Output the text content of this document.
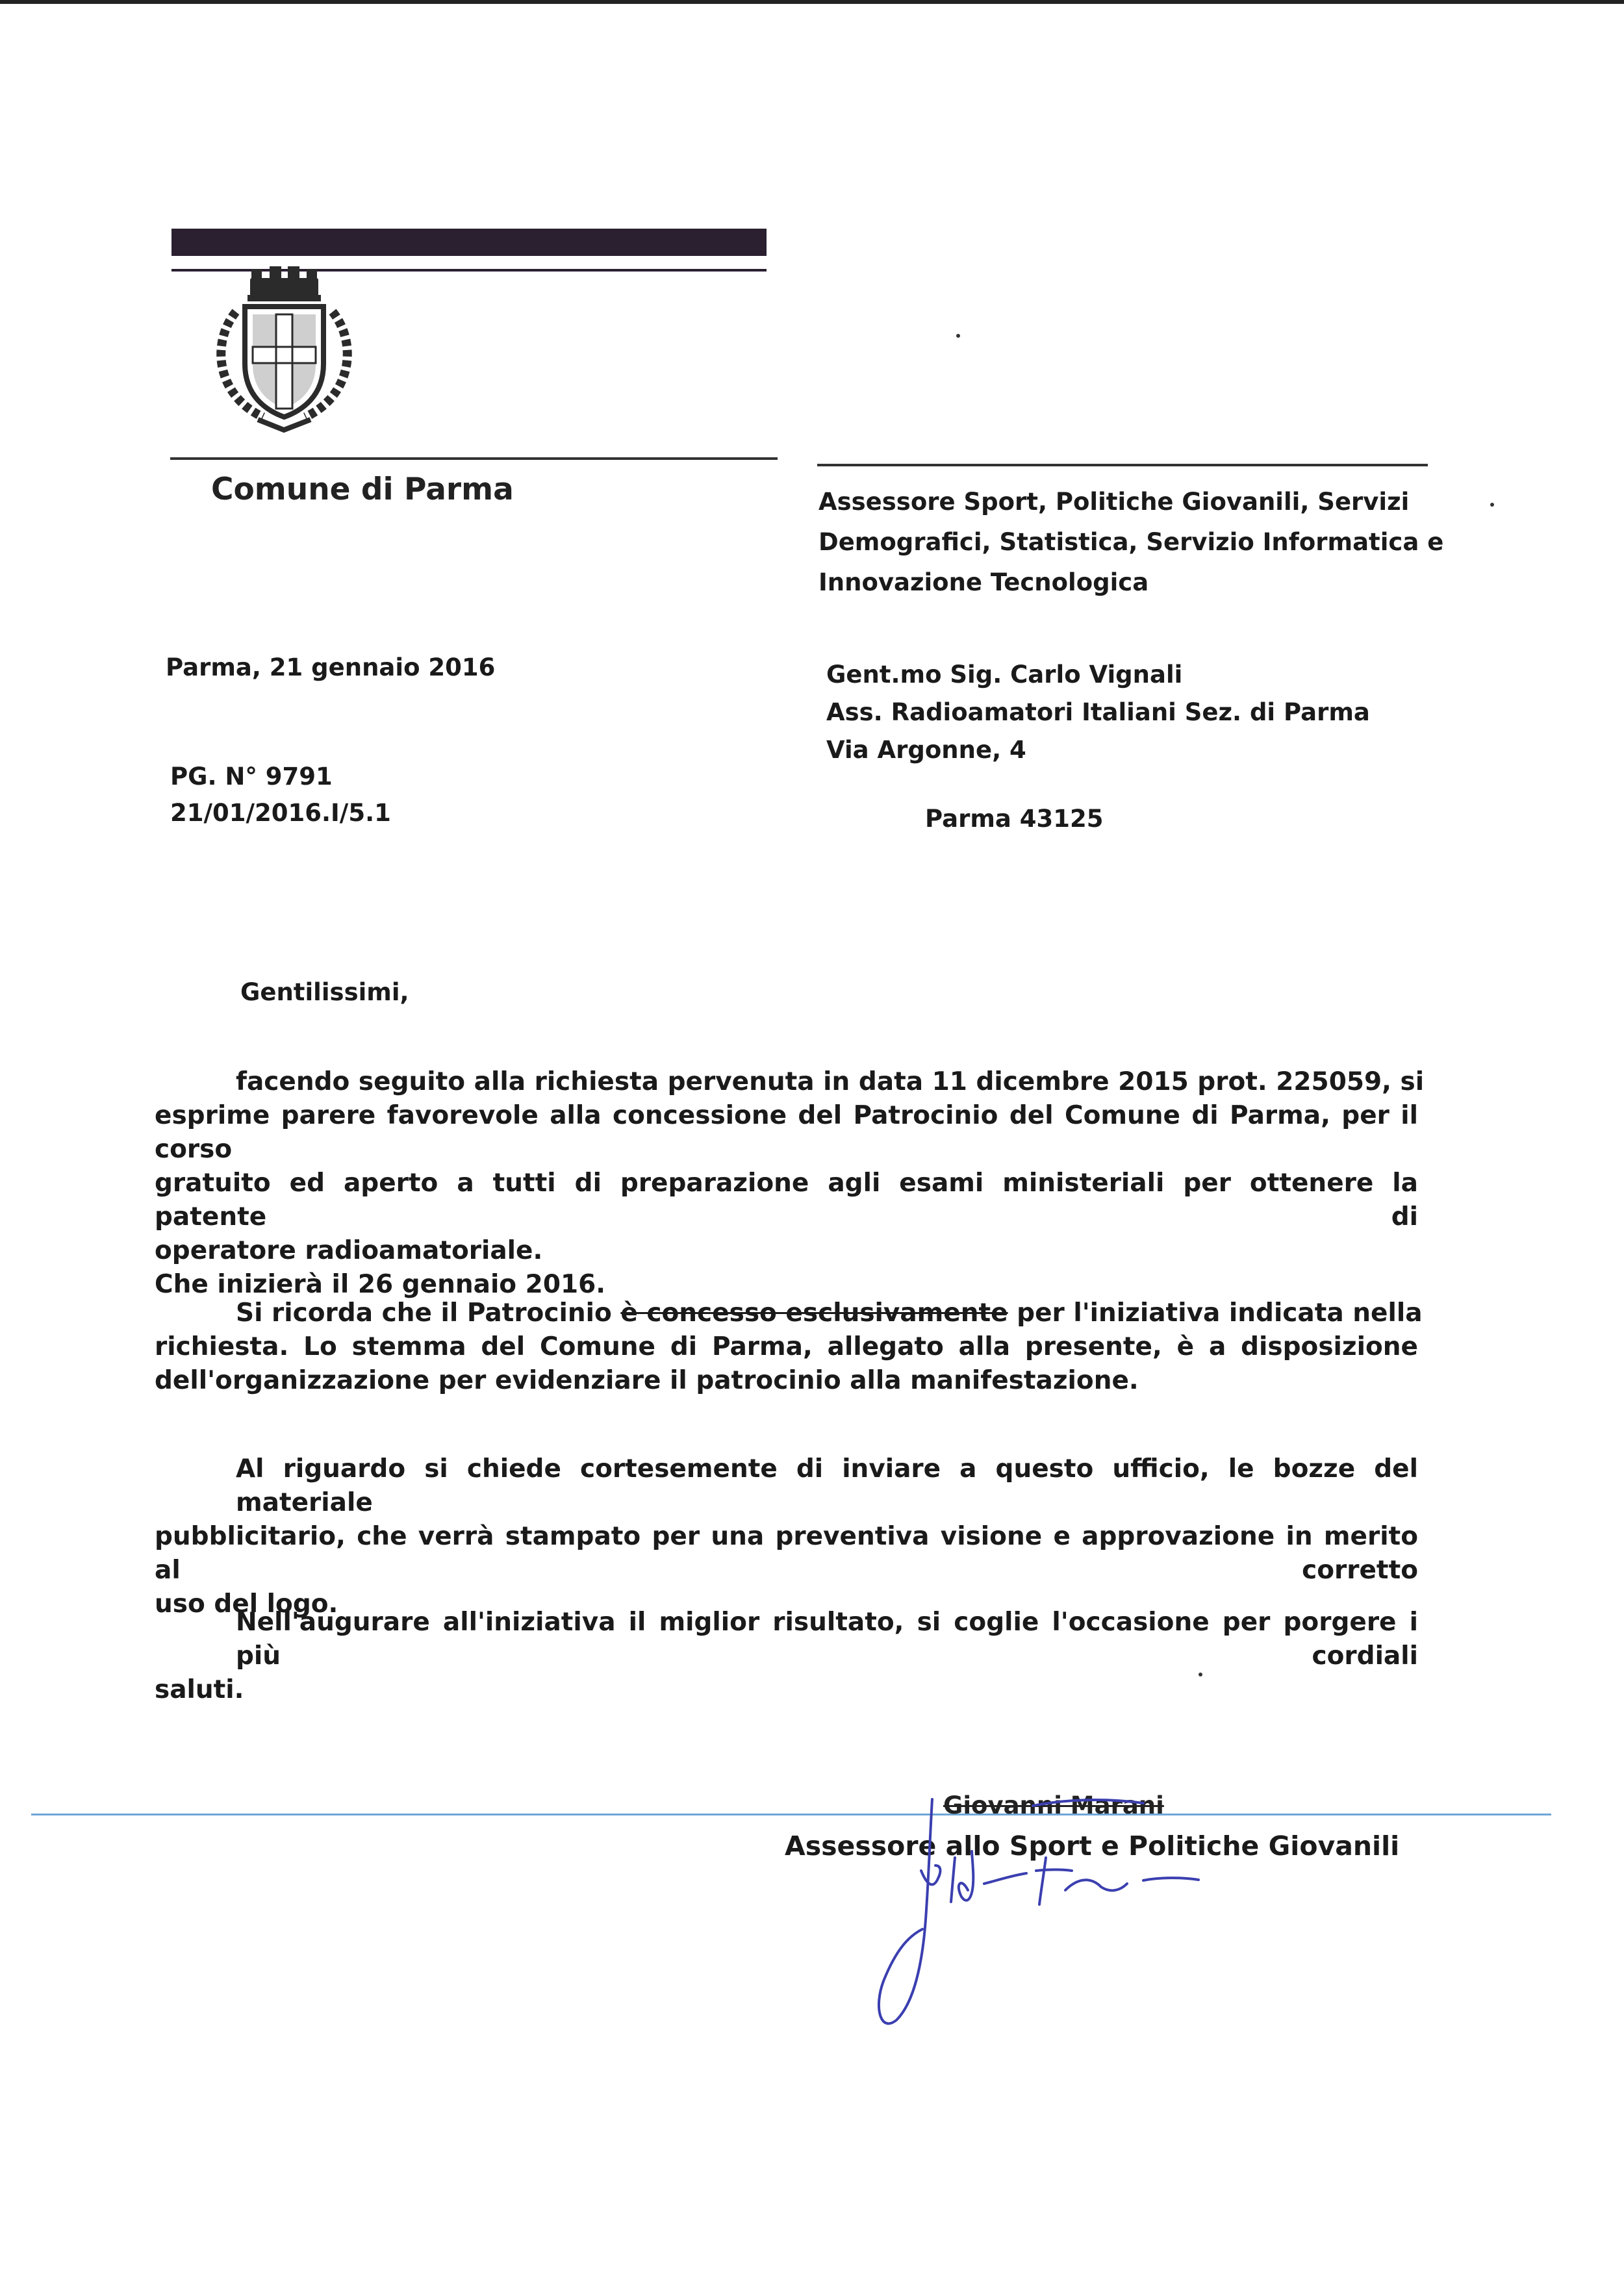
Comune di Parma	Assessore Sport, Politiche Giovanili, Servizi
Demografici, Statistica, Servizio Informatica e
Innovazione Tecnologica
Parma, 21 gennaio 2016
PG. N° 9791
21/01/2016.I/5.1
Gent.mo Sig. Carlo Vignali
Ass. Radioamatori Italiani Sez. di Parma
Via Argonne, 4
Parma 43125
Gentilissimi,
facendo seguito alla richiesta pervenuta in data 11 dicembre 2015 prot. 225059, si
esprime parere favorevole alla concessione del Patrocinio del Comune di Parma, per il corso
gratuito ed aperto a tutti di preparazione agli esami ministeriali per ottenere la patente di
operatore radioamatoriale.
Che inizierà il 26 gennaio 2016.
Si ricorda che il Patrocinio è concesso esclusivamente per l'iniziativa indicata nella
richiesta. Lo stemma del Comune di Parma, allegato alla presente, è a disposizione
dell'organizzazione per evidenziare il patrocinio alla manifestazione.
Al riguardo si chiede cortesemente di inviare a questo ufficio, le bozze del materiale
pubblicitario, che verrà stampato per una preventiva visione e approvazione in merito al corretto
uso del logo.
Nell'augurare all'iniziativa il miglior risultato, si coglie l'occasione per porgere i più cordiali
saluti.
Giovanni Marani
Assessore allo Sport e Politiche Giovanili
